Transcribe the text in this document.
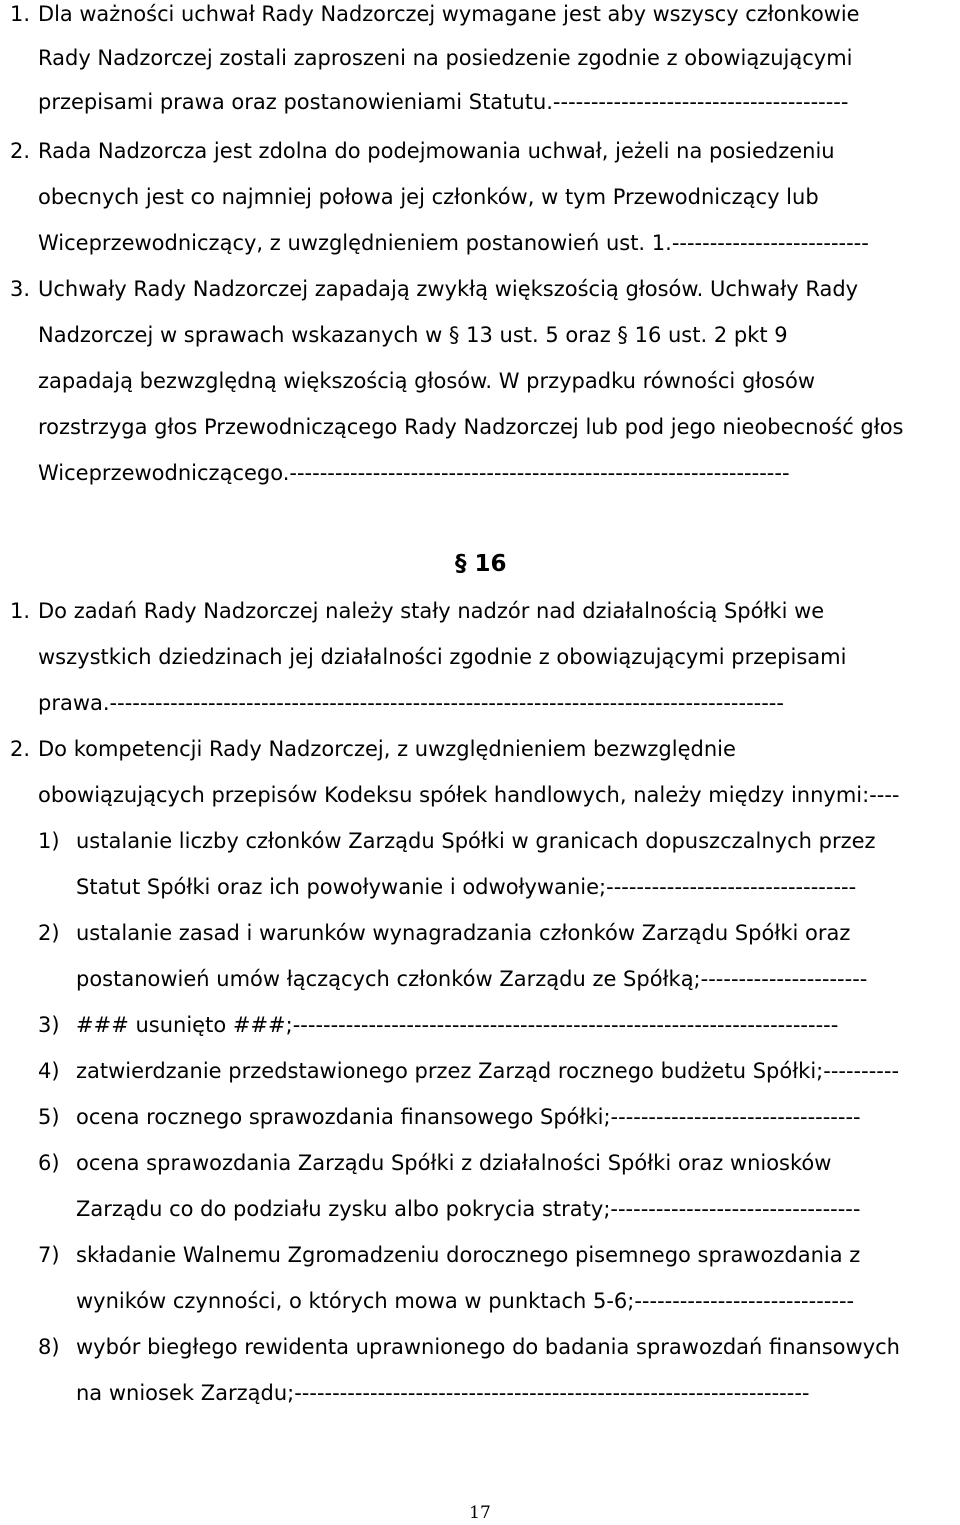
1. Dla ważności uchwał Rady Nadzorczej wymagane jest aby wszyscy członkowie
Rady Nadzorczej zostali zaproszeni na posiedzenie zgodnie z obowiązującymi
przepisami prawa oraz postanowieniami Statutu.---------------------------------------
2. Rada Nadzorcza jest zdolna do podejmowania uchwał, jeżeli na posiedzeniu
obecnych jest co najmniej połowa jej członków, w tym Przewodniczący lub
Wiceprzewodniczący, z uwzględnieniem postanowień ust. 1.--------------------------
3. Uchwały Rady Nadzorczej zapadają zwykłą większością głosów. Uchwały Rady
Nadzorczej w sprawach wskazanych w § 13 ust. 5 oraz § 16 ust. 2 pkt 9
zapadają bezwzględną większością głosów. W przypadku równości głosów
rozstrzyga głos Przewodniczącego Rady Nadzorczej lub pod jego nieobecność głos
Wiceprzewodniczącego.------------------------------------------------------------------
§ 16
1. Do zadań Rady Nadzorczej należy stały nadzór nad działalnością Spółki we
wszystkich dziedzinach jej działalności zgodnie z obowiązującymi przepisami
prawa.-----------------------------------------------------------------------------------------
2. Do kompetencji Rady Nadzorczej, z uwzględnieniem bezwzględnie
obowiązujących przepisów Kodeksu spółek handlowych, należy między innymi:----
1) ustalanie liczby członków Zarządu Spółki w granicach dopuszczalnych przez
Statut Spółki oraz ich powoływanie i odwoływanie;---------------------------------
2) ustalanie zasad i warunków wynagradzania członków Zarządu Spółki oraz
postanowień umów łączących członków Zarządu ze Spółką;----------------------
3) ### usunięto ###;------------------------------------------------------------------------
4) zatwierdzanie przedstawionego przez Zarząd rocznego budżetu Spółki;----------
5) ocena rocznego sprawozdania finansowego Spółki;---------------------------------
6) ocena sprawozdania Zarządu Spółki z działalności Spółki oraz wniosków
Zarządu co do podziału zysku albo pokrycia straty;---------------------------------
7) składanie Walnemu Zgromadzeniu dorocznego pisemnego sprawozdania z
wyników czynności, o których mowa w punktach 5-6;-----------------------------
8) wybór biegłego rewidenta uprawnionego do badania sprawozdań finansowych
na wniosek Zarządu;--------------------------------------------------------------------
17
